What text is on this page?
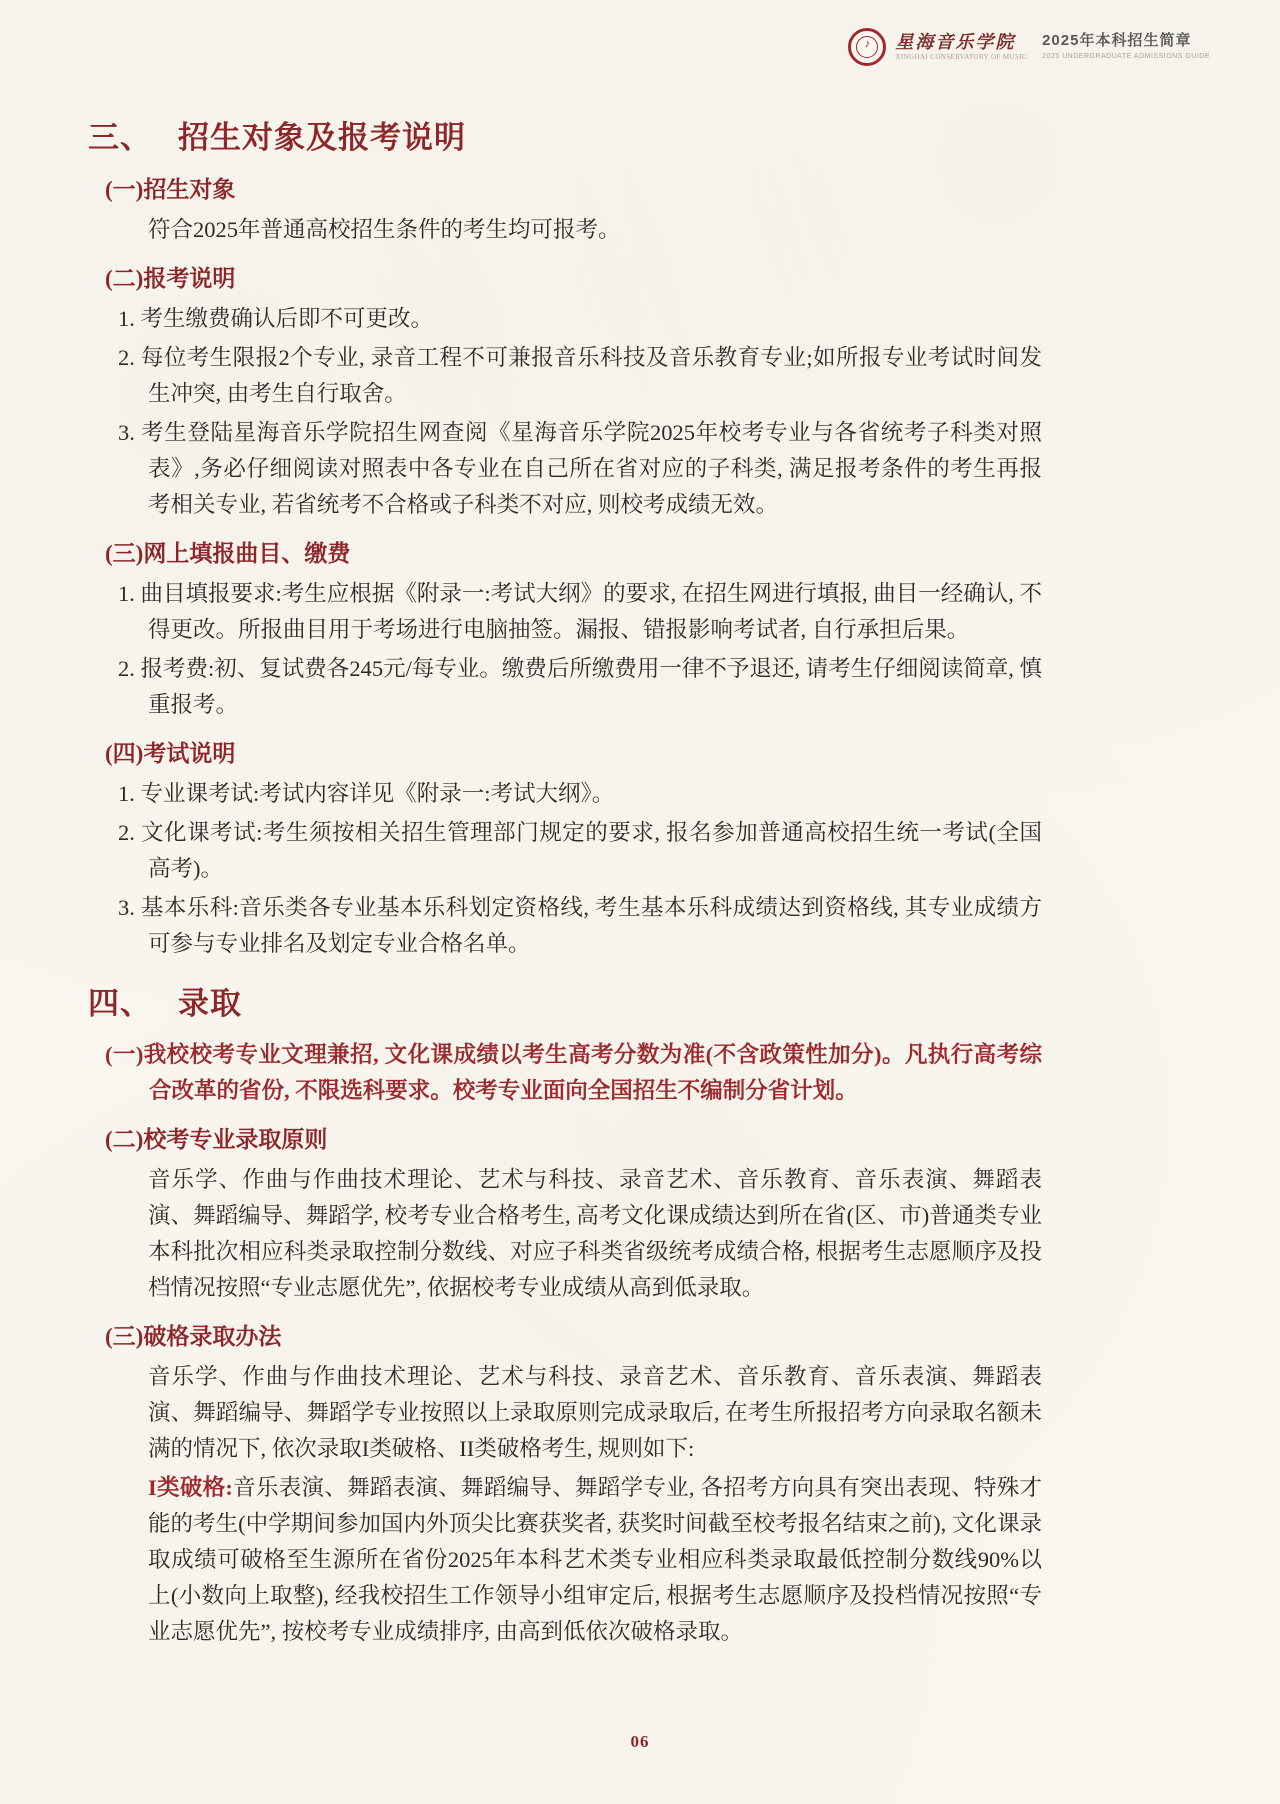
♪	星海音乐学院
XINGHAI CONSERVATORY OF MUSIC
2025年本科招生简章
2025 UNDERGRADUATE ADMISSIONS GUIDE
三、 招生对象及报考说明
(一)招生对象

符合2025年普通高校招生条件的考生均可报考。

(二)报考说明

1. 考生缴费确认后即不可更改。

2. 每位考生限报2个专业, 录音工程不可兼报音乐科技及音乐教育专业;如所报专业考试时间发生冲突, 由考生自行取舍。

3. 考生登陆星海音乐学院招生网查阅《星海音乐学院2025年校考专业与各省统考子科类对照表》,务必仔细阅读对照表中各专业在自己所在省对应的子科类, 满足报考条件的考生再报考相关专业, 若省统考不合格或子科类不对应, 则校考成绩无效。

(三)网上填报曲目、缴费

1. 曲目填报要求:考生应根据《附录一:考试大纲》的要求, 在招生网进行填报, 曲目一经确认, 不得更改。所报曲目用于考场进行电脑抽签。漏报、错报影响考试者, 自行承担后果。

2. 报考费:初、复试费各245元/每专业。缴费后所缴费用一律不予退还, 请考生仔细阅读简章, 慎重报考。

(四)考试说明

1. 专业课考试:考试内容详见《附录一:考试大纲》。

2. 文化课考试:考生须按相关招生管理部门规定的要求, 报名参加普通高校招生统一考试(全国高考)。

3. 基本乐科:音乐类各专业基本乐科划定资格线, 考生基本乐科成绩达到资格线, 其专业成绩方可参与专业排名及划定专业合格名单。

四、 录取

(一)我校校考专业文理兼招, 文化课成绩以考生高考分数为准(不含政策性加分)。凡执行高考综合改革的省份, 不限选科要求。校考专业面向全国招生不编制分省计划。

(二)校考专业录取原则

音乐学、作曲与作曲技术理论、艺术与科技、录音艺术、音乐教育、音乐表演、舞蹈表演、舞蹈编导、舞蹈学, 校考专业合格考生, 高考文化课成绩达到所在省(区、市)普通类专业本科批次相应科类录取控制分数线、对应子科类省级统考成绩合格, 根据考生志愿顺序及投档情况按照“专业志愿优先”, 依据校考专业成绩从高到低录取。

(三)破格录取办法

音乐学、作曲与作曲技术理论、艺术与科技、录音艺术、音乐教育、音乐表演、舞蹈表演、舞蹈编导、舞蹈学专业按照以上录取原则完成录取后, 在考生所报招考方向录取名额未满的情况下, 依次录取I类破格、II类破格考生, 规则如下:

I类破格:音乐表演、舞蹈表演、舞蹈编导、舞蹈学专业, 各招考方向具有突出表现、特殊才能的考生(中学期间参加国内外顶尖比赛获奖者, 获奖时间截至校考报名结束之前), 文化课录取成绩可破格至生源所在省份2025年本科艺术类专业相应科类录取最低控制分数线90%以上(小数向上取整), 经我校招生工作领导小组审定后, 根据考生志愿顺序及投档情况按照“专业志愿优先”, 按校考专业成绩排序, 由高到低依次破格录取。

06
